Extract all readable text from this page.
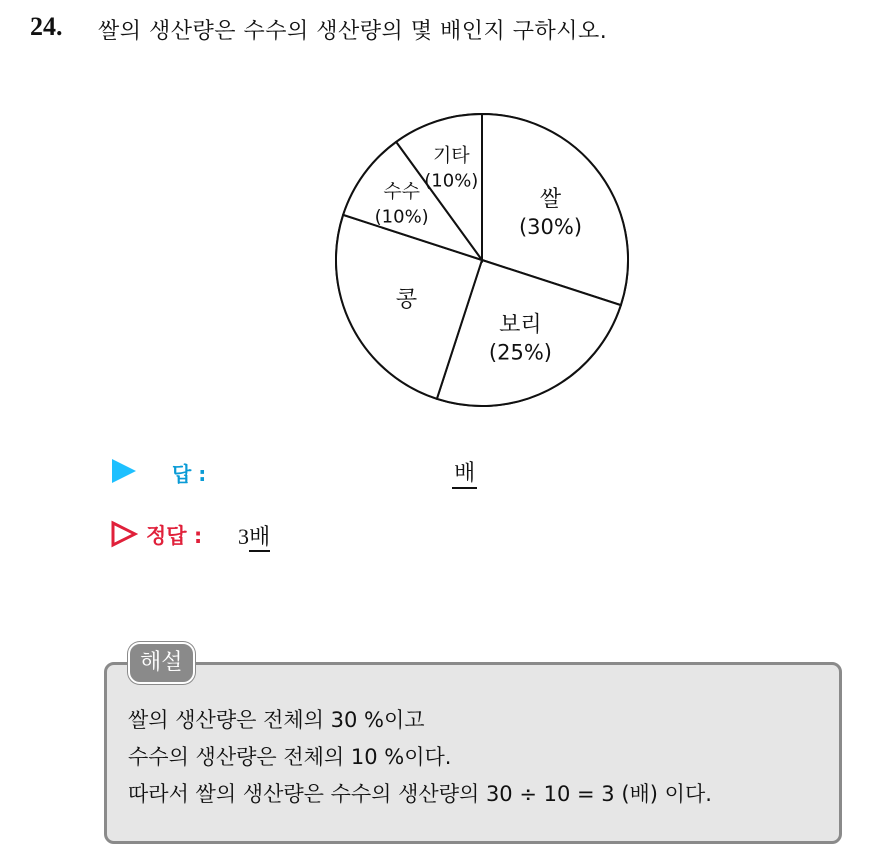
24. 쌀의 생산량은 수수의 생산량의 몇 배인지 구하시오.
쌀
(30%)
보리
(25%)
콩
수수
(10%)
기타
(10%)
답 :	배
정답 : 3배
해설
쌀의 생산량은 전체의 30 %이고
수수의 생산량은 전체의 10 %이다.
따라서 쌀의 생산량은 수수의 생산량의 30 ÷ 10 = 3 (배) 이다.
